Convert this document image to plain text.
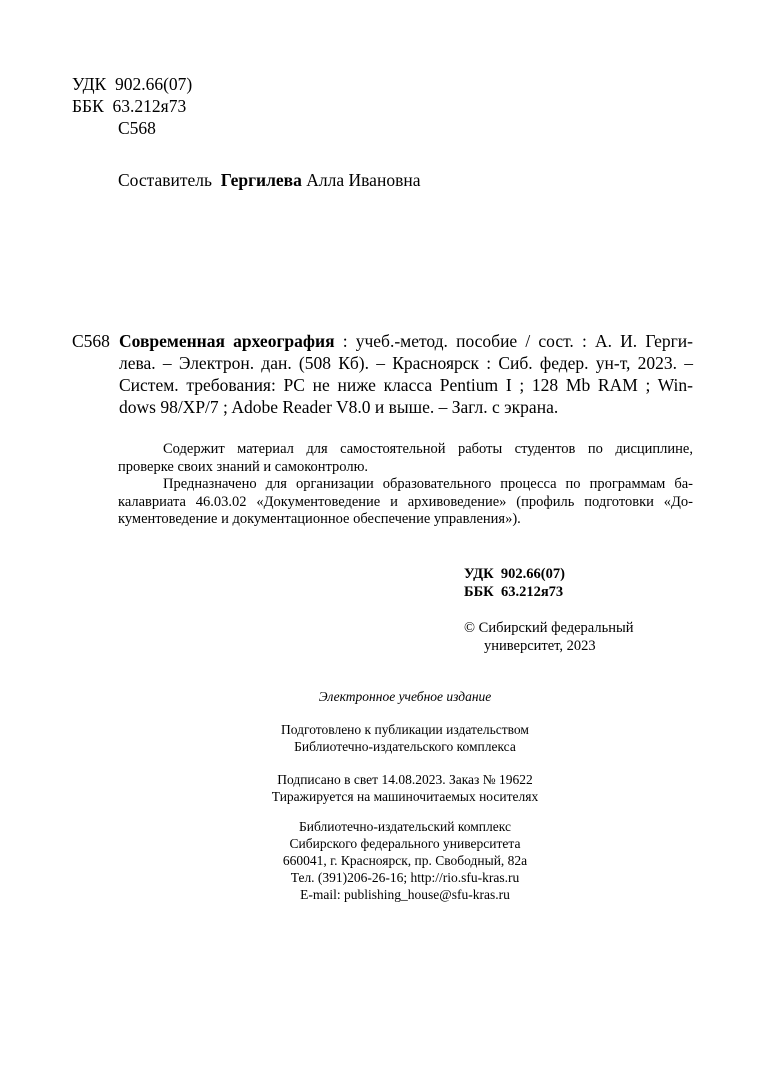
УДК 902.66(07)
ББК 63.212я73
С568
Составитель Гергилева Алла Ивановна
С568 Современная археография : учеб.-метод. пособие / сост. : А. И. Герги-
лева. – Электрон. дан. (508 Кб). – Красноярск : Сиб. федер. ун-т, 2023. –
Систем. требования: PC не ниже класса Pentium I ; 128 Mb RAM ; Win-
dows 98/XP/7 ; Adobe Reader V8.0 и выше. – Загл. с экрана.
Содержит материал для самостоятельной работы студентов по дисциплине,
проверке своих знаний и самоконтролю.
Предназначено для организации образовательного процесса по программам ба-
калавриата 46.03.02 «Документоведение и архивоведение» (профиль подготовки «До-
кументоведение и документационное обеспечение управления»).
УДК 902.66(07)
ББК 63.212я73
© Сибирский федеральный
университет, 2023
Электронное учебное издание
Подготовлено к публикации издательством
Библиотечно-издательского комплекса
Подписано в свет 14.08.2023. Заказ № 19622
Тиражируется на машиночитаемых носителях
Библиотечно-издательский комплекс
Сибирского федерального университета
660041, г. Красноярск, пр. Свободный, 82а
Тел. (391)206-26-16; http://rio.sfu-kras.ru
E-mail: publishing_house@sfu-kras.ru
